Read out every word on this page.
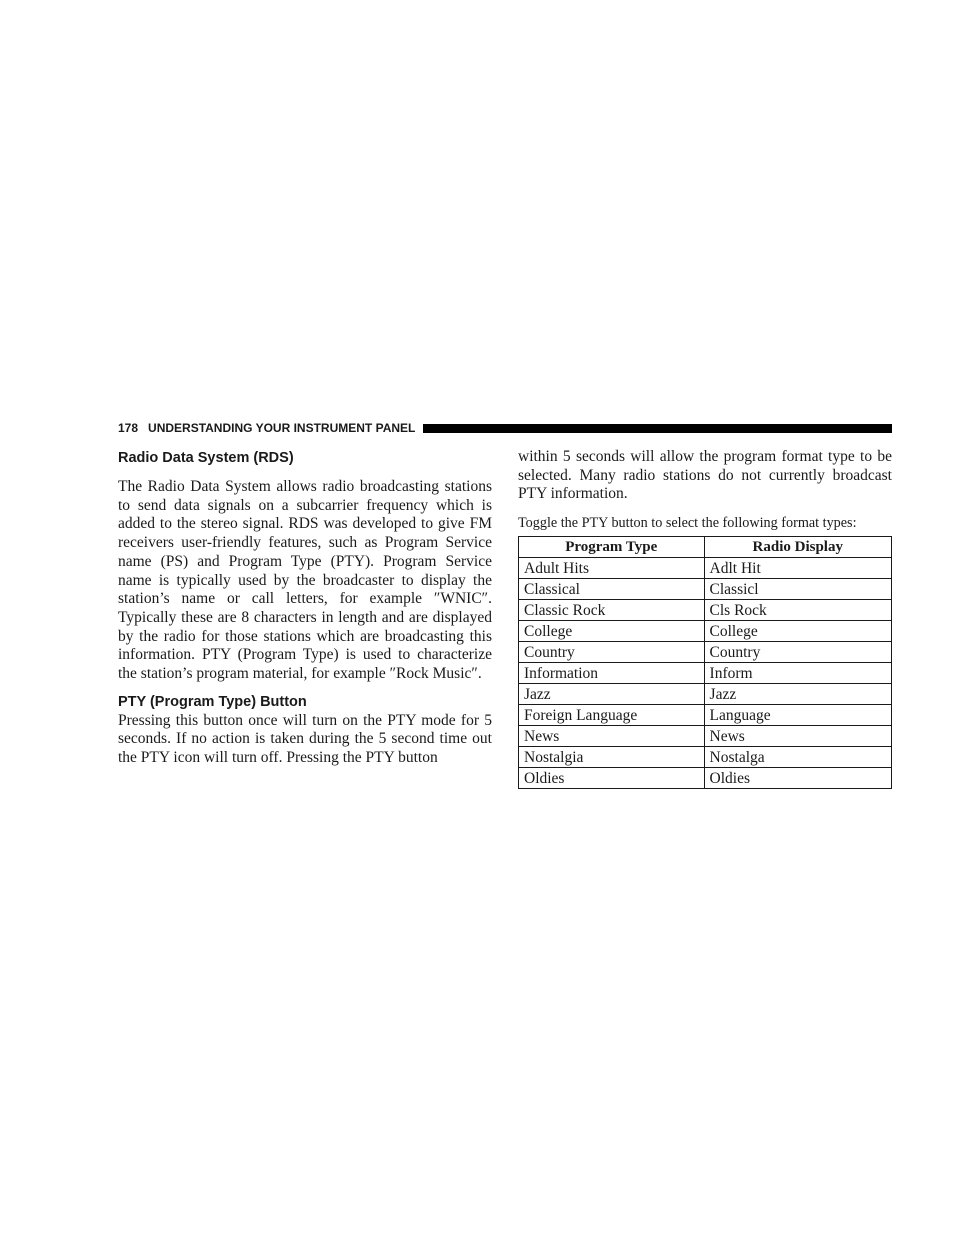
178 UNDERSTANDING YOUR INSTRUMENT PANEL
Radio Data System (RDS)

The Radio Data System allows radio broadcasting stations to send data signals on a subcarrier frequency which is added to the stereo signal. RDS was developed to give FM receivers user-friendly features, such as Program Service name (PS) and Program Type (PTY). Program Service name is typically used by the broadcaster to display the station’s name or call letters, for example ″WNIC″. Typically these are 8 characters in length and are displayed by the radio for those stations which are broadcasting this information. PTY (Program Type) is used to characterize the station’s program material, for example ″Rock Music″.

PTY (Program Type) Button

Pressing this button once will turn on the PTY mode for 5 seconds. If no action is taken during the 5 second time out the PTY icon will turn off. Pressing the PTY button

within 5 seconds will allow the program format type to be selected. Many radio stations do not currently broadcast PTY information.

Toggle the PTY button to select the following format types:

Program Type	Radio Display
Adult Hits	Adlt Hit
Classical	Classicl
Classic Rock	Cls Rock
College	College
Country	Country
Information	Inform
Jazz	Jazz
Foreign Language	Language
News	News
Nostalgia	Nostalga
Oldies	Oldies
